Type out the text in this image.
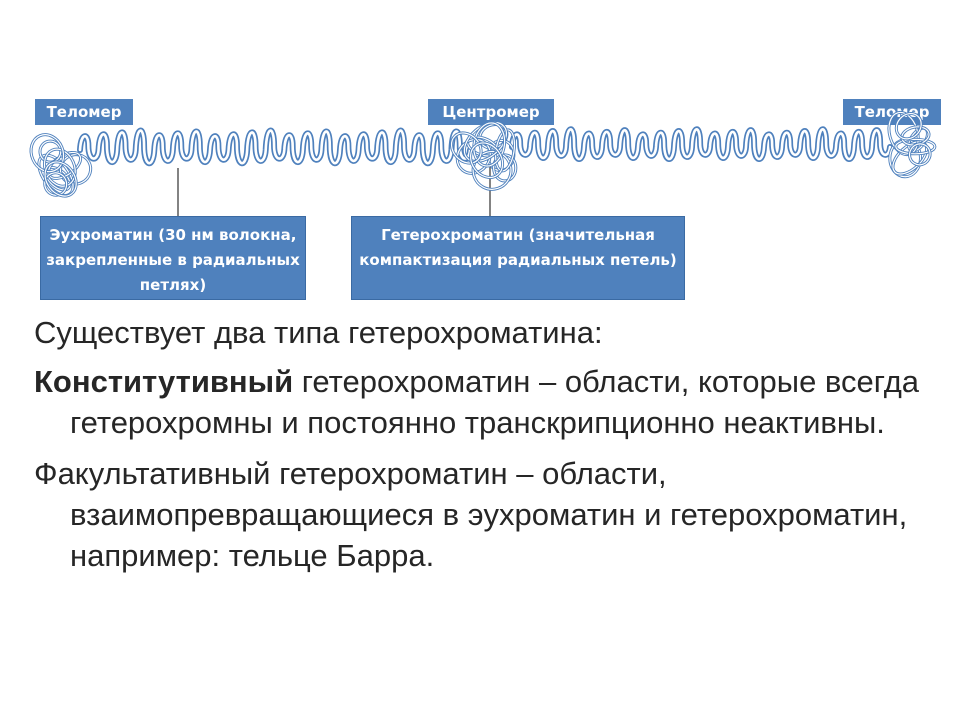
Теломер	Центромер	Теломер
Эухроматин (30 нм волокна, закрепленные в радиальных петлях)
Гетерохроматин (значительная компактизация радиальных петель)

Существует два типа гетерохроматина:

Конститутивный гетерохроматин – области, которые всегда гетерохромны и постоянно транскрипционно неактивны.

Факультативный гетерохроматин – области, взаимопревращающиеся в эухроматин и гетерохроматин, например: тельце Барра.
